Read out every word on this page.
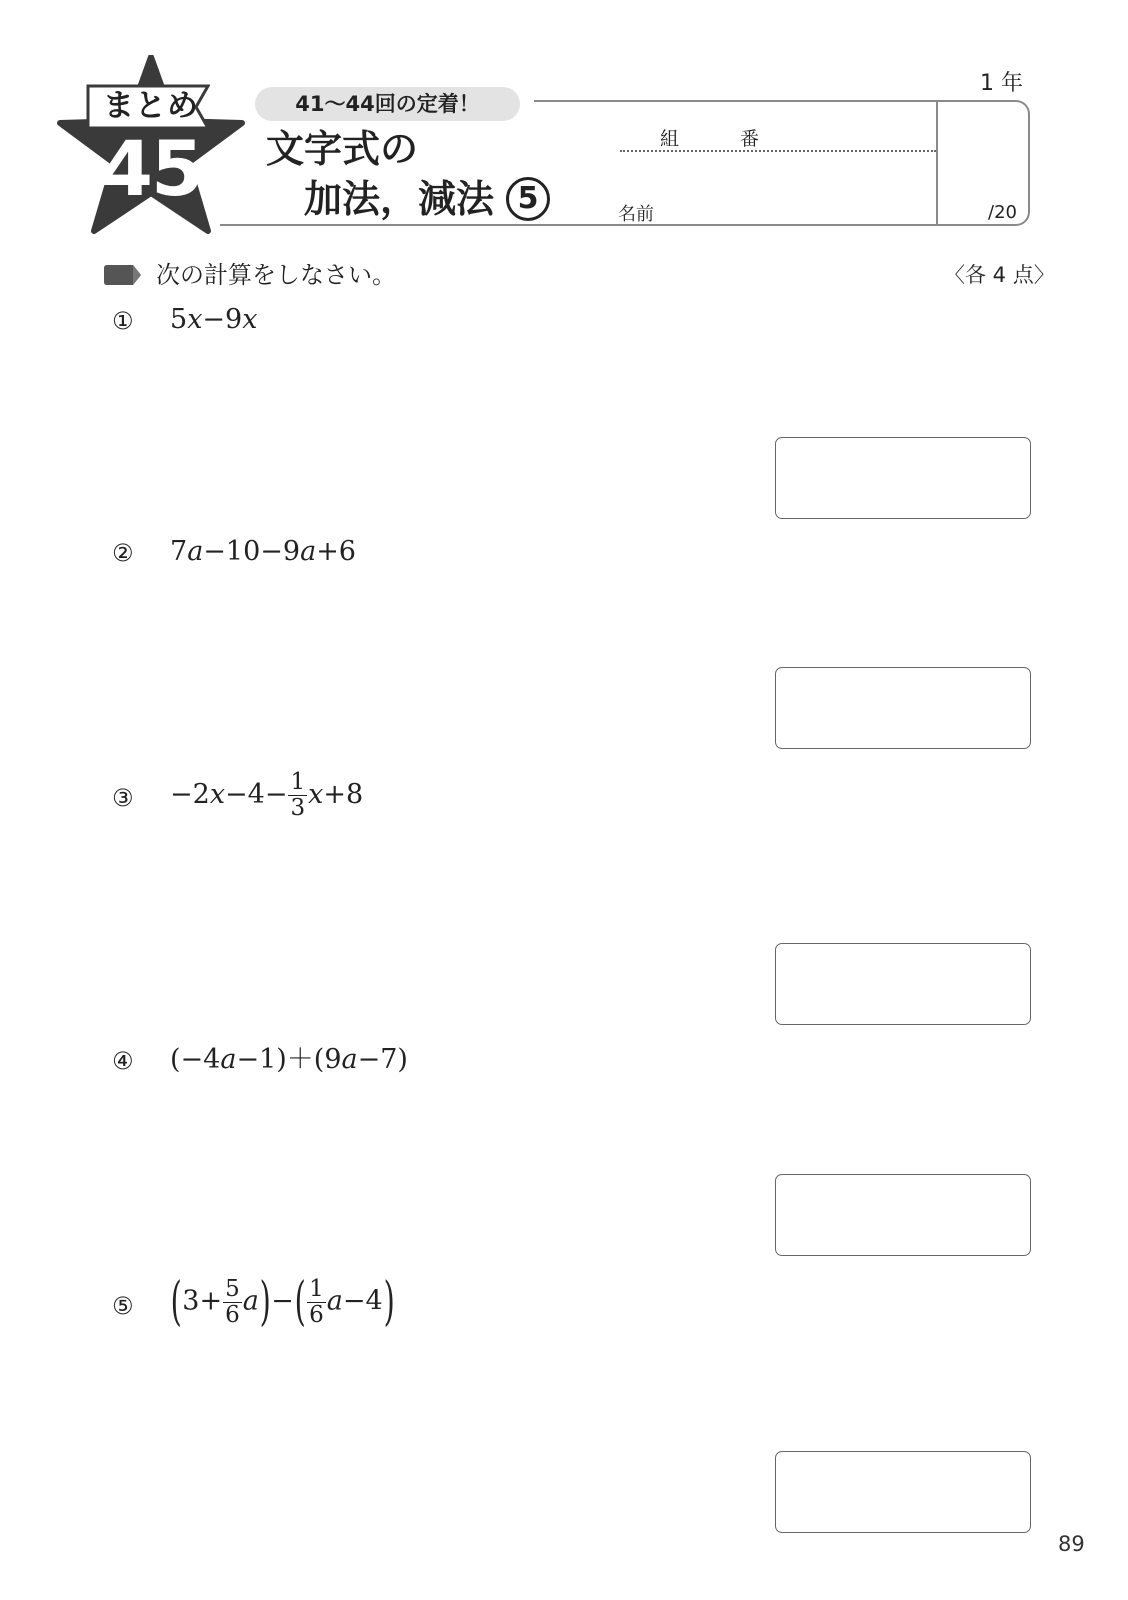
まとめ
45
41〜44回の定着！
文字式の
加法，減法 5
1 年
組	番
名前	/20
次の計算をしなさい。	〈各 4 点〉
① 5x−9x
② 7a−10−9a+6
③ $-2x-4- \frac{1}{3} x+8$
④ (−4a−1)＋(9a−7)
⑤ $(3+ \frac{5}{6} a)-( \frac{1}{6} a-4)$
89
